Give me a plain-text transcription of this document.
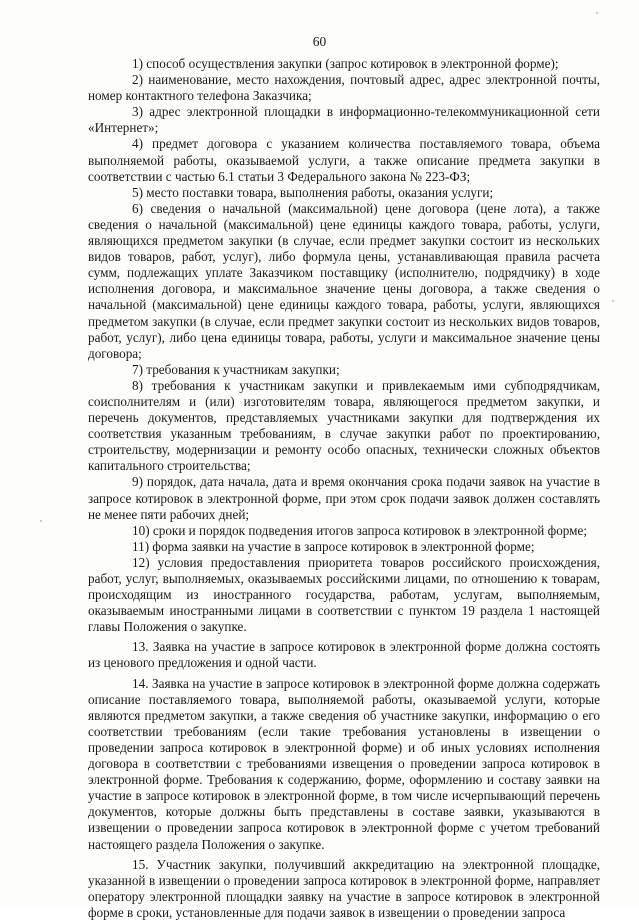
60

1) способ осуществления закупки (запрос котировок в электронной форме);

2) наименование, место нахождения, почтовый адрес, адрес электронной почты, номер контактного телефона Заказчика;

3) адрес электронной площадки в информационно-телекоммуникационной сети «Интернет»;

4) предмет договора с указанием количества поставляемого товара, объема выполняемой работы, оказываемой услуги, а также описание предмета закупки в соответствии с частью 6.1 статьи 3 Федерального закона № 223-ФЗ;

5) место поставки товара, выполнения работы, оказания услуги;

6) сведения о начальной (максимальной) цене договора (цене лота), а также сведения о начальной (максимальной) цене единицы каждого товара, работы, услуги, являющихся предметом закупки (в случае, если предмет закупки состоит из нескольких видов товаров, работ, услуг), либо формула цены, устанавливающая правила расчета сумм, подлежащих уплате Заказчиком поставщику (исполнителю, подрядчику) в ходе исполнения договора, и максимальное значение цены договора, а также сведения о начальной (максимальной) цене единицы каждого товара, работы, услуги, являющихся предметом закупки (в случае, если предмет закупки состоит из нескольких видов товаров, работ, услуг), либо цена единицы товара, работы, услуги и максимальное значение цены договора;

7) требования к участникам закупки;

8) требования к участникам закупки и привлекаемым ими субподрядчикам, соисполнителям и (или) изготовителям товара, являющегося предметом закупки, и перечень документов, представляемых участниками закупки для подтверждения их соответствия указанным требованиям, в случае закупки работ по проектированию, строительству, модернизации и ремонту особо опасных, технически сложных объектов капитального строительства;

9) порядок, дата начала, дата и время окончания срока подачи заявок на участие в запросе котировок в электронной форме, при этом срок подачи заявок должен составлять не менее пяти рабочих дней;

10) сроки и порядок подведения итогов запроса котировок в электронной форме;

11) форма заявки на участие в запросе котировок в электронной форме;

12) условия предоставления приоритета товаров российского происхождения, работ, услуг, выполняемых, оказываемых российскими лицами, по отношению к товарам, происходящим из иностранного государства, работам, услугам, выполняемым, оказываемым иностранными лицами в соответствии с пунктом 19 раздела 1 настоящей главы Положения о закупке.

13. Заявка на участие в запросе котировок в электронной форме должна состоять из ценового предложения и одной части.

14. Заявка на участие в запросе котировок в электронной форме должна содержать описание поставляемого товара, выполняемой работы, оказываемой услуги, которые являются предметом закупки, а также сведения об участнике закупки, информацию о его соответствии требованиям (если такие требования установлены в извещении о проведении запроса котировок в электронной форме) и об иных условиях исполнения договора в соответствии с требованиями извещения о проведении запроса котировок в электронной форме. Требования к содержанию, форме, оформлению и составу заявки на участие в запросе котировок в электронной форме, в том числе исчерпывающий перечень документов, которые должны быть представлены в составе заявки, указываются в извещении о проведении запроса котировок в электронной форме с учетом требований настоящего раздела Положения о закупке.

15. Участник закупки, получивший аккредитацию на электронной площадке, указанной в извещении о проведении запроса котировок в электронной форме, направляет оператору электронной площадки заявку на участие в запросе котировок в электронной форме в сроки, установленные для подачи заявок в извещении о проведении запроса
